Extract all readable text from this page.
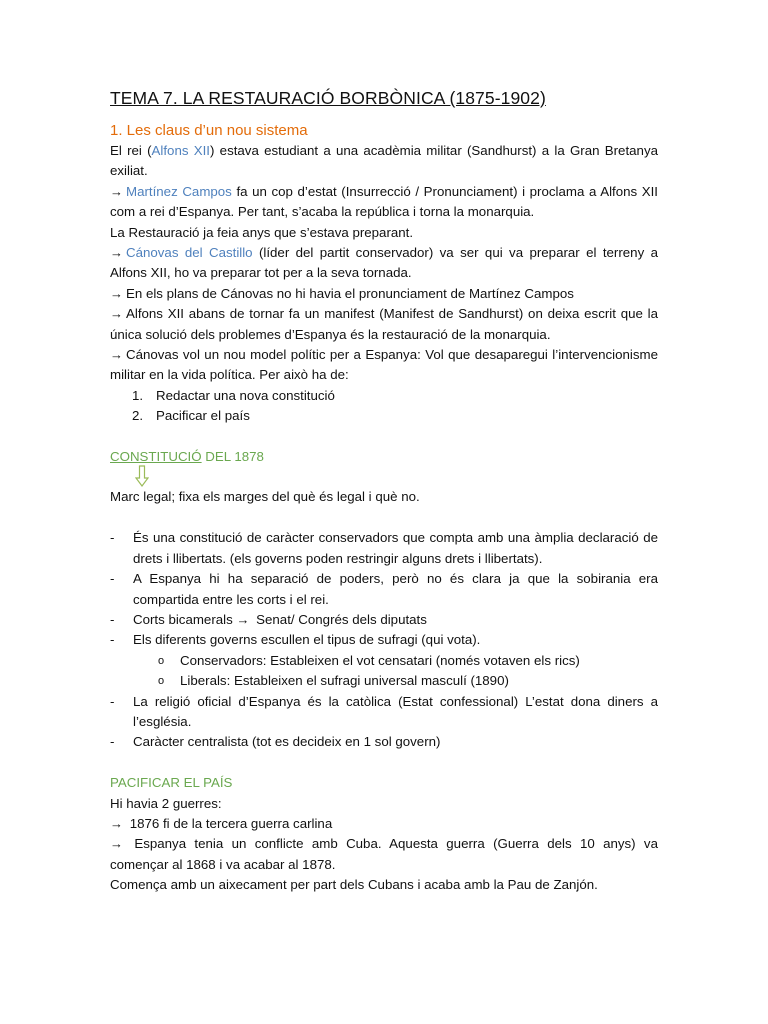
TEMA 7. LA RESTAURACIÓ BORBÒNICA (1875-1902)
1. Les claus d’un nou sistema

El rei (Alfons XII) estava estudiant a una acadèmia militar (Sandhurst) a la Gran Bretanya exiliat.

→ Martínez Campos fa un cop d’estat (Insurrecció / Pronunciament) i proclama a Alfons XII com a rei d’Espanya. Per tant, s’acaba la república i torna la monarquia.

La Restauració ja feia anys que s’estava preparant.

→ Cánovas del Castillo (líder del partit conservador) va ser qui va preparar el terreny a Alfons XII, ho va preparar tot per a la seva tornada.

→ En els plans de Cánovas no hi havia el pronunciament de Martínez Campos

→ Alfons XII abans de tornar fa un manifest (Manifest de Sandhurst) on deixa escrit que la única solució dels problemes d’Espanya és la restauració de la monarquia.

→ Cánovas vol un nou model polític per a Espanya: Vol que desaparegui l’intervencionisme militar en la vida política. Per això ha de:

1. Redactar una nova constitució
2. Pacificar el país

CONSTITUCIÓ DEL 1878

Marc legal; fixa els marges del què és legal i què no.

- És una constitució de caràcter conservadors que compta amb una àmplia declaració de drets i llibertats. (els governs poden restringir alguns drets i llibertats).
- A Espanya hi ha separació de poders, però no és clara ja que la sobirania era compartida entre les corts i el rei.
- Corts bicamerals → Senat/ Congrés dels diputats
- Els diferents governs escullen el tipus de sufragi (qui vota).
o Conservadors: Estableixen el vot censatari (només votaven els rics)
o Liberals: Estableixen el sufragi universal masculí (1890)
- La religió oficial d’Espanya és la catòlica (Estat confessional) L’estat dona diners a l’església.
- Caràcter centralista (tot es decideix en 1 sol govern)

PACIFICAR EL PAÍS

Hi havia 2 guerres:

→ 1876 fi de la tercera guerra carlina

→ Espanya tenia un conflicte amb Cuba. Aquesta guerra (Guerra dels 10 anys) va començar al 1868 i va acabar al 1878.

Comença amb un aixecament per part dels Cubans i acaba amb la Pau de Zanjón.
